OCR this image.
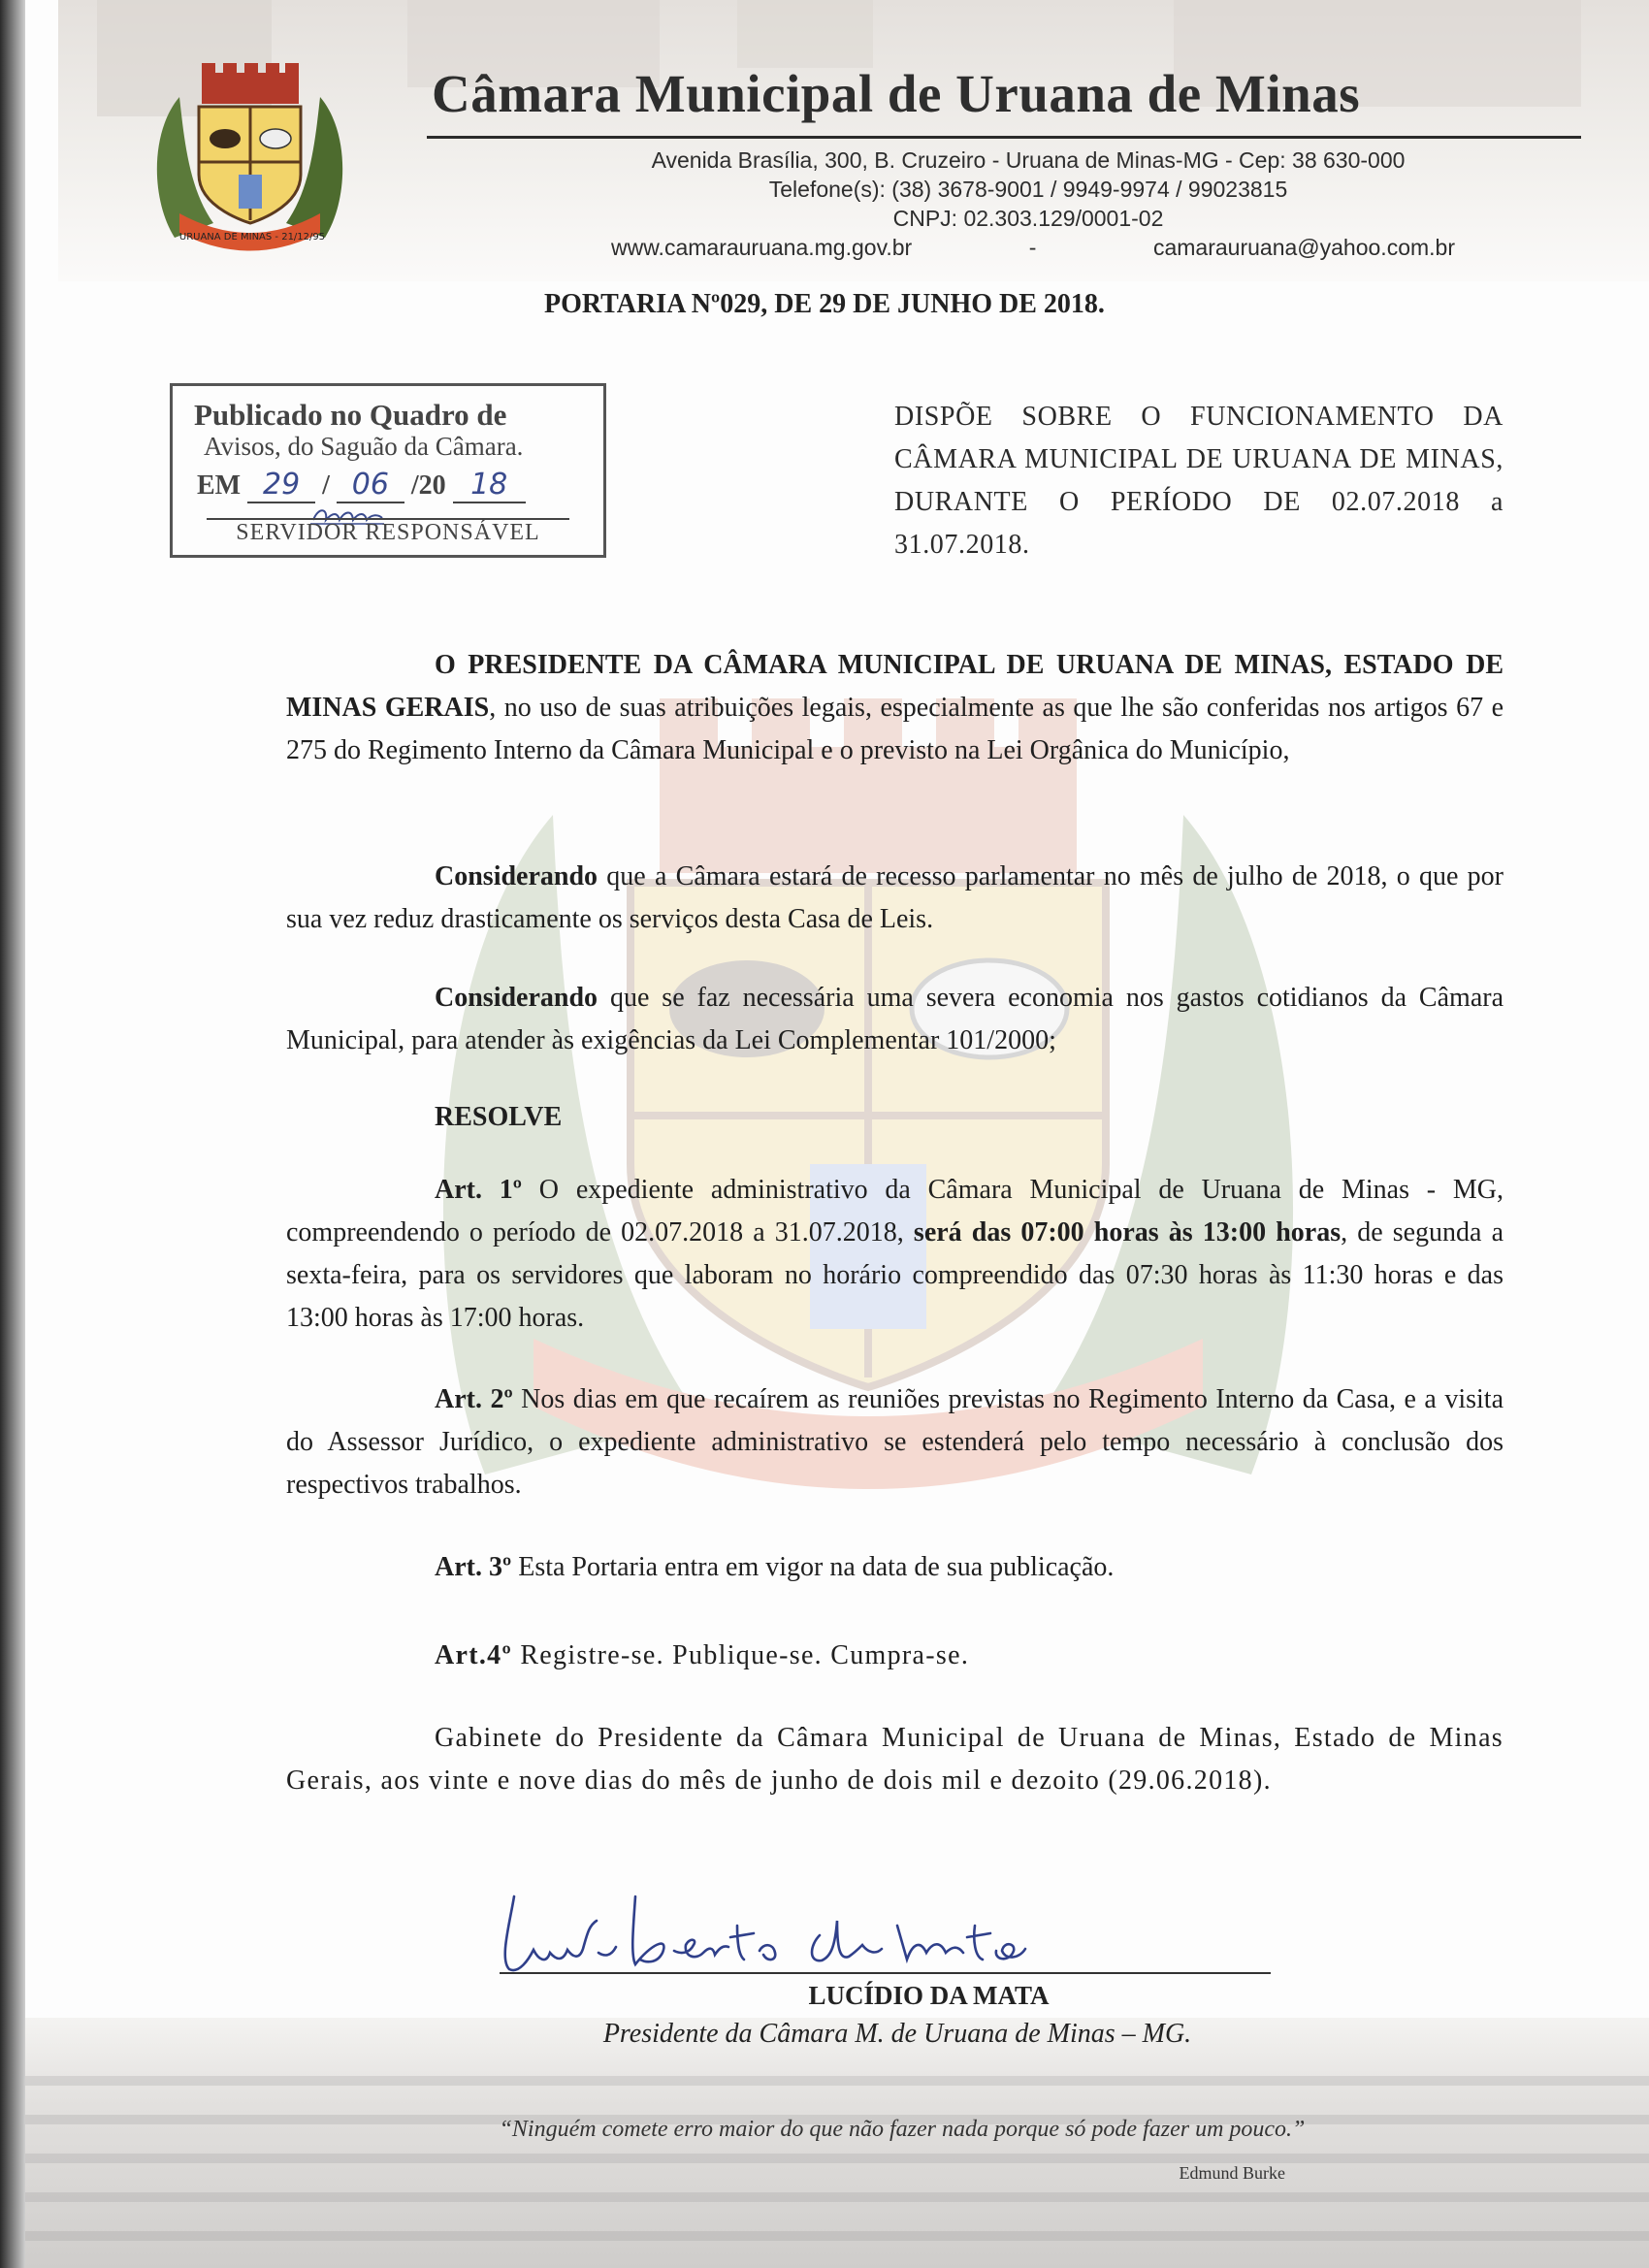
URUANA DE MINAS - 21/12/95
Câmara Municipal de Uruana de Minas
Avenida Brasília, 300, B. Cruzeiro - Uruana de Minas-MG - Cep: 38 630-000
Telefone(s): (38) 3678-9001 / 9949-9974 / 99023815
CNPJ: 02.303.129/0001-02
www.camarauruana.mg.gov.br	-	camarauruana@yahoo.com.br
PORTARIA Nº029, DE 29 DE JUNHO DE 2018.
Publicado no Quadro de
Avisos, do Saguão da Câmara.
EM 29 / 06 /20 18
SERVIDOR RESPONSÁVEL
DISPÕE SOBRE O FUNCIONAMENTO DA CÂMARA MUNICIPAL DE URUANA DE MINAS, DURANTE O PERÍODO DE 02.07.2018 a 31.07.2018.
O PRESIDENTE DA CÂMARA MUNICIPAL DE URUANA DE MINAS, ESTADO DE MINAS GERAIS, no uso de suas atribuições legais, especialmente as que lhe são conferidas nos artigos 67 e 275 do Regimento Interno da Câmara Municipal e o previsto na Lei Orgânica do Município,
Considerando que a Câmara estará de recesso parlamentar no mês de julho de 2018, o que por sua vez reduz drasticamente os serviços desta Casa de Leis.
Considerando que se faz necessária uma severa economia nos gastos cotidianos da Câmara Municipal, para atender às exigências da Lei Complementar 101/2000;
RESOLVE
Art. 1º O expediente administrativo da Câmara Municipal de Uruana de Minas - MG, compreendendo o período de 02.07.2018 a 31.07.2018, será das 07:00 horas às 13:00 horas, de segunda a sexta-feira, para os servidores que laboram no horário compreendido das 07:30 horas às 11:30 horas e das 13:00 horas às 17:00 horas.
Art. 2º Nos dias em que recaírem as reuniões previstas no Regimento Interno da Casa, e a visita do Assessor Jurídico, o expediente administrativo se estenderá pelo tempo necessário à conclusão dos respectivos trabalhos.
Art. 3º Esta Portaria entra em vigor na data de sua publicação.
Art.4º Registre-se. Publique-se. Cumpra-se.
Gabinete do Presidente da Câmara Municipal de Uruana de Minas, Estado de Minas Gerais, aos vinte e nove dias do mês de junho de dois mil e dezoito (29.06.2018).
LUCÍDIO DA MATA
Presidente da Câmara M. de Uruana de Minas – MG.
“Ninguém comete erro maior do que não fazer nada porque só pode fazer um pouco.”
Edmund Burke
